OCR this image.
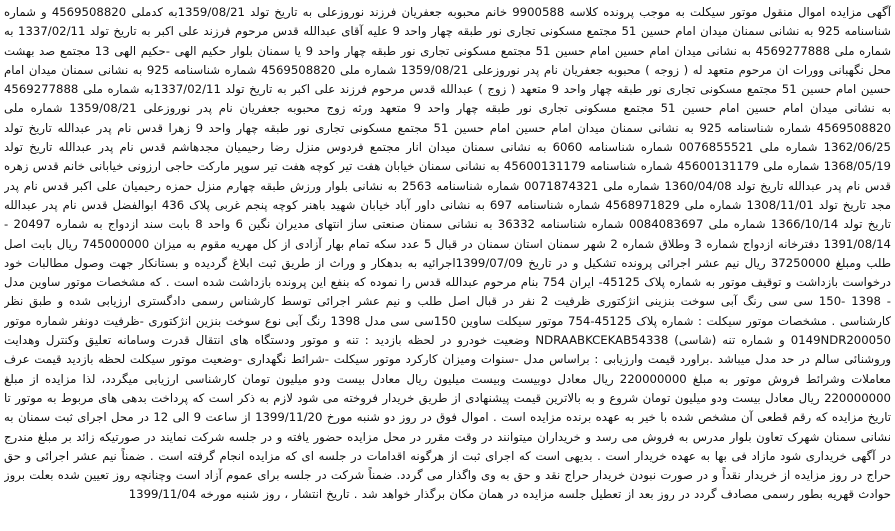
آگهی مزایده اموال منقول موتور سیکلت به موجب پرونده کلاسه 9900588 خانم محبوبه جعفریان فرزند نوروزعلی به تاریخ تولد 1359/08/21به کدملی 4569508820 و شماره شناسنامه 925 به نشانی سمنان میدان امام حسین 51 مجتمع مسکونی تجاری نور طبقه چهار واحد 9 علیه آقای عبدالله قدس مرحوم فرزند علی اکبر به تاریخ تولد 1337/02/11 به شماره ملی 4569277888 به نشانی میدان امام حسین امام حسین 51 مجتمع مسکونی تجاری نور طبقه چهار واحد 9 یا سمنان بلوار حکیم الهی -حکیم الهی 13 مجتمع صد بهشت محل نگهبانی وورات ان مرحوم متعهد له ( زوجه ) محبوبه جعفریان نام پدر نوروزعلی 1359/08/21 شماره ملی 4569508820 شماره شناسنامه 925 به نشانی سمنان میدان امام حسین امام حسین 51 مجتمع مسکونی تجاری نور طبقه چهار واحد 9 متعهد ( زوج ) عبدالله قدس مرحوم فرزند علی اکبر به تاریخ تولد 1337/02/11به شماره ملی 4569277888 به نشانی میدان امام حسین امام حسین 51 مجتمع مسکونی تجاری نور طبقه چهار واحد 9 متعهد ورثه زوج محبوبه جعفریان نام پدر نوروزعلی 1359/08/21 شماره ملی 4569508820 شماره شناسنامه 925 به نشانی سمنان میدان امام حسین امام حسین 51 مجتمع مسکونی تجاری نور طبقه چهار واحد 9 زهرا قدس نام پدر عبدالله تاریخ تولد 1362/06/25 شماره ملی 0076855521 شماره شناسنامه 6060 به نشانی سمنان میدان انار مجتمع فردوس منزل رضا رحیمیان مجدهاشم قدس نام پدر عبدالله تاریخ تولد 1368/05/19 شماره ملی 45600131179 شماره شناسنامه 45600131179 به نشانی سمنان خیابان هفت تیر کوچه هفت تیر سوپر مارکت حاجی ارزونی خیابانی خانم قدس زهره قدس نام پدر عبدالله تاریخ تولد 1360/04/08 شماره ملی 0071874321 شماره شناسنامه 2563 به نشانی بلوار ورزش طبقه چهارم منزل حمزه رحیمیان علی اکبر قدس نام پدر مجد تاریخ تولد 1308/11/01 شماره ملی 4568971829 شماره شناسنامه 697 به نشانی داور آباد خیابان شهید باهنر کوچه پنجم غربی پلاک 436 ابوالفضل قدس نام پدر عبدالله تاریخ تولد 1366/10/14 شماره ملی 0084083697 شماره شناسنامه 36332 به نشانی سمنان صنعتی ساز انتهای مدیران نگین 6 واحد 8 بابت سند ازدواج به شماره 20497 - 1391/08/14 دفترخانه ازدواج شماره 3 وطلاق شماره 2 شهر سمنان استان سمنان در قبال 5 عدد سکه تمام بهار آزادی از کل مهریه مقوم به میزان 745000000 ریال بابت اصل طلب ومبلغ 37250000 ریال نیم عشر اجرائی پرونده تشکیل و در تاریخ 1399/07/09اجرائیه به بدهکار و وراث از طریق ثبت ابلاغ گردیده و بستانکار جهت وصول مطالبات خود درخواست بازداشت و توقیف موتور به شماره پلاک 45125- ایران 754 بنام مرحوم عبدالله قدس را نموده که بنفع این پرونده بازداشت شده است . که مشخصات موتور ساوین مدل - 1398 -150 سی سی رنگ آبی سوخت بنزینی انژکتوری ظرفیت 2 نفر در قبال اصل طلب و نیم عشر اجرائی توسط کارشناس رسمی دادگستری ارزیابی شده و طبق نظر کارشناسی . مشخصات موتور سیکلت : شماره پلاک 45125-754 موتور سیکلت ساوین 150سی سی مدل 1398 رنگ آبی نوع سوخت بنزین انژکتوری -ظرفیت دونفر شماره موتور 0149NDR200050 و شماره تنه (شاسی) NDRAABKCEKAB54338 وضعیت خودرو در لحظه بازدید : تنه و موتور ودستگاه های انتقال قدرت وسامانه تعلیق وکنترل وهدایت وروشنائی سالم در حد مدل میباشد .براورد قیمت وارزیابی : براساس مدل -سنوات ومیزان کارکرد موتور سیکلت -شرائط نگهداری -وضعیت موتور سیکلت لحظه بازدید قیمت عرف معاملات وشرائط فروش موتور به مبلغ 220000000 ریال معادل دوبیست وبیست میلیون ریال معادل بیست ودو میلیون تومان کارشناسی ارزیابی میگردد، لذا مزایده از مبلغ 220000000 ریال معادل بیست ودو میلیون تومان شروع و به بالاترین قیمت پیشنهادی از طریق خریدار فروخته می شود لازم به ذکر است که پرداخت بدهی های مربوط به موتور تا تاریخ مزایده که رقم قطعی آن مشخص شده با خیر به عهده برنده مزایده است . اموال فوق در روز دو شنبه مورخ 1399/11/20 از ساعت 9 الی 12 در محل اجرای ثبت سمنان به نشانی سمنان شهرک تعاون بلوار مدرس به فروش می رسد و خریداران میتوانند در وقت مقرر در محل مزایده حضور یافته و در جلسه شرکت نمایند در صورتیکه زائد بر مبلغ مندرج در آگهی خریداری شود مازاد فی بها به عهده خریدار است . بدیهی است که اجرای ثبت از هرگونه اقدامات در جلسه ای که مزایده انجام گرفته است . ضمناً نیم عشر اجرائی و حق حراج در روز مزایده از خریدار نقداً و در صورت نبودن خریدار حراج نقد و حق به وی واگذار می گردد. ضمناً شرکت در جلسه برای عموم آزاد است وچنانچه روز تعیین شده بعلت بروز حوادث قهریه بطور رسمی مصادف گردد در روز بعد از تعطیل جلسه مزایده در همان مکان برگذار خواهد شد . تاریخ انتشار ، روز شنبه مورخه 1399/11/04
